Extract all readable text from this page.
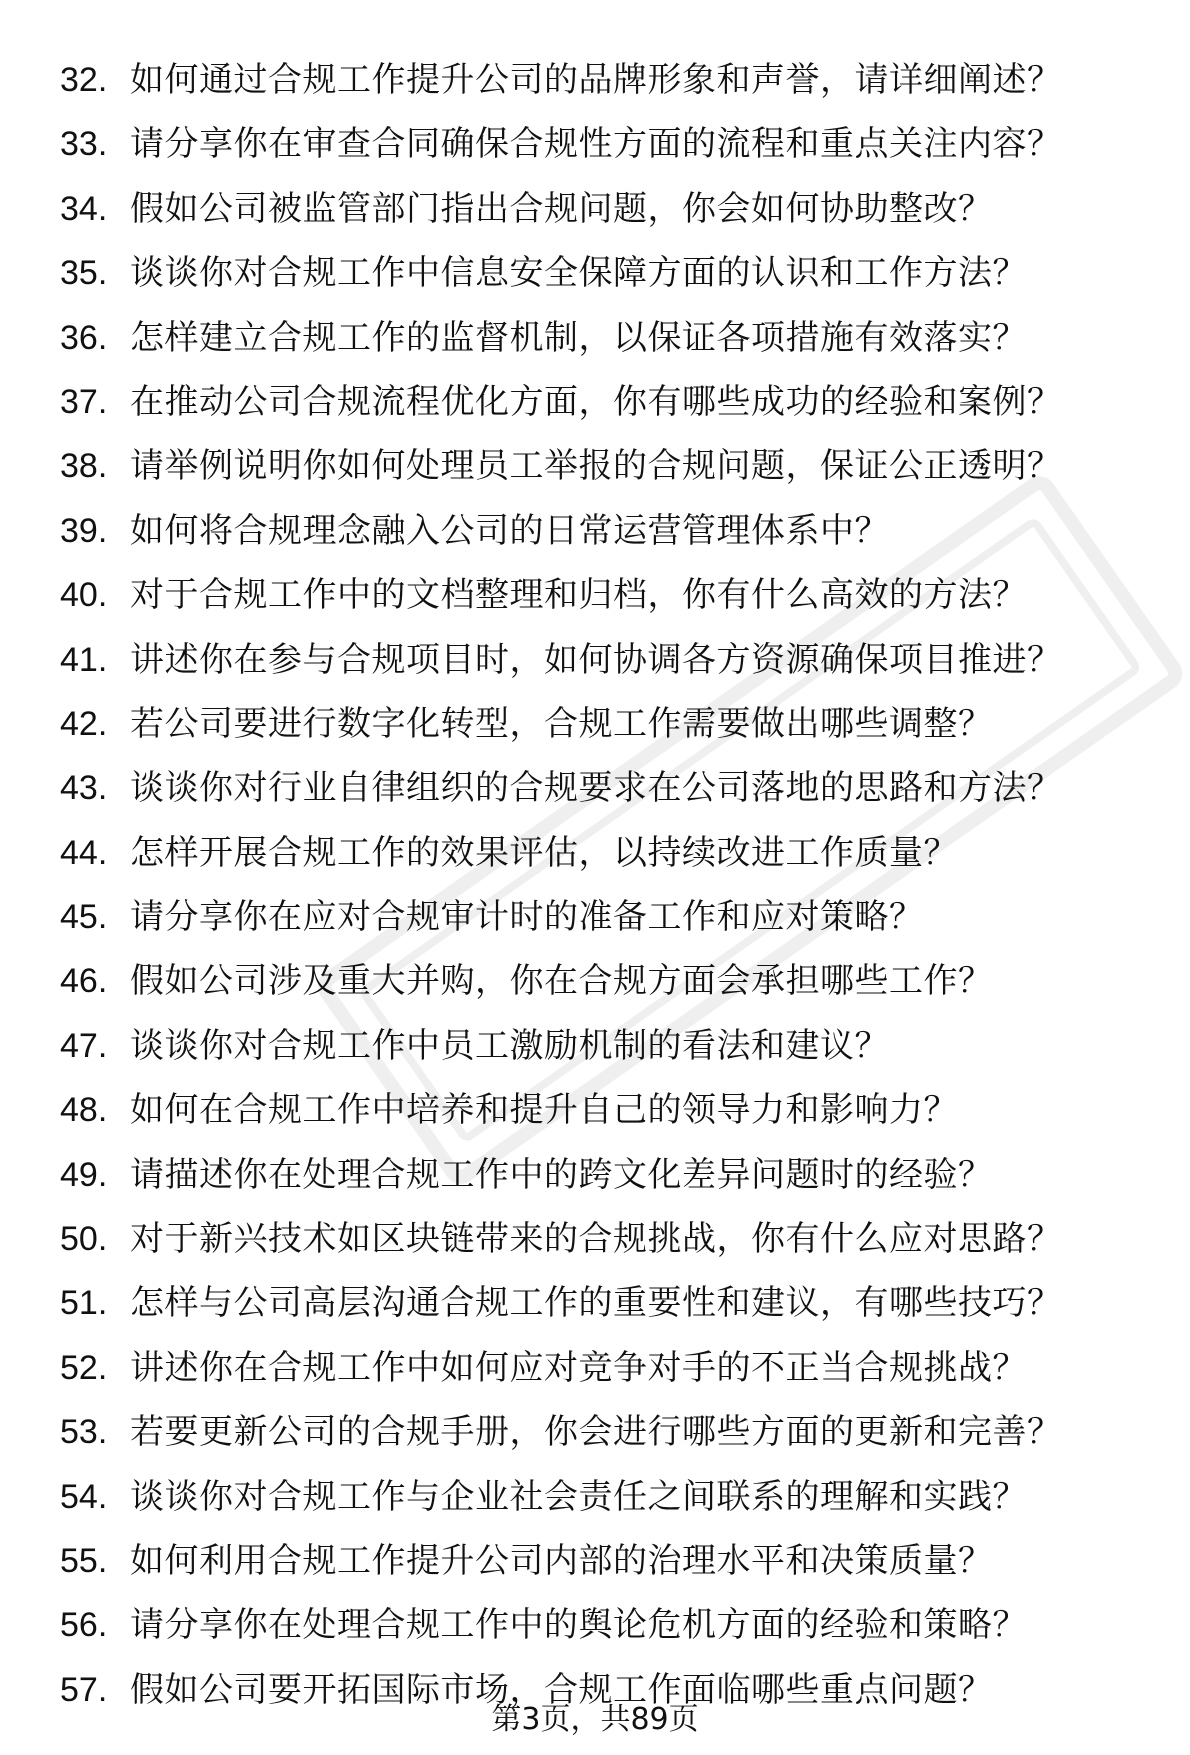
32. 如何通过合规工作提升公司的品牌形象和声誉，请详细阐述？
33. 请分享你在审查合同确保合规性方面的流程和重点关注内容？
34. 假如公司被监管部门指出合规问题，你会如何协助整改？
35. 谈谈你对合规工作中信息安全保障方面的认识和工作方法？
36. 怎样建立合规工作的监督机制，以保证各项措施有效落实？
37. 在推动公司合规流程优化方面，你有哪些成功的经验和案例？
38. 请举例说明你如何处理员工举报的合规问题，保证公正透明？
39. 如何将合规理念融入公司的日常运营管理体系中？
40. 对于合规工作中的文档整理和归档，你有什么高效的方法？
41. 讲述你在参与合规项目时，如何协调各方资源确保项目推进？
42. 若公司要进行数字化转型，合规工作需要做出哪些调整？
43. 谈谈你对行业自律组织的合规要求在公司落地的思路和方法？
44. 怎样开展合规工作的效果评估，以持续改进工作质量？
45. 请分享你在应对合规审计时的准备工作和应对策略？
46. 假如公司涉及重大并购，你在合规方面会承担哪些工作？
47. 谈谈你对合规工作中员工激励机制的看法和建议？
48. 如何在合规工作中培养和提升自己的领导力和影响力？
49. 请描述你在处理合规工作中的跨文化差异问题时的经验？
50. 对于新兴技术如区块链带来的合规挑战，你有什么应对思路？
51. 怎样与公司高层沟通合规工作的重要性和建议，有哪些技巧？
52. 讲述你在合规工作中如何应对竞争对手的不正当合规挑战？
53. 若要更新公司的合规手册，你会进行哪些方面的更新和完善？
54. 谈谈你对合规工作与企业社会责任之间联系的理解和实践？
55. 如何利用合规工作提升公司内部的治理水平和决策质量？
56. 请分享你在处理合规工作中的舆论危机方面的经验和策略？
57. 假如公司要开拓国际市场，合规工作面临哪些重点问题？
第3页，共89页
